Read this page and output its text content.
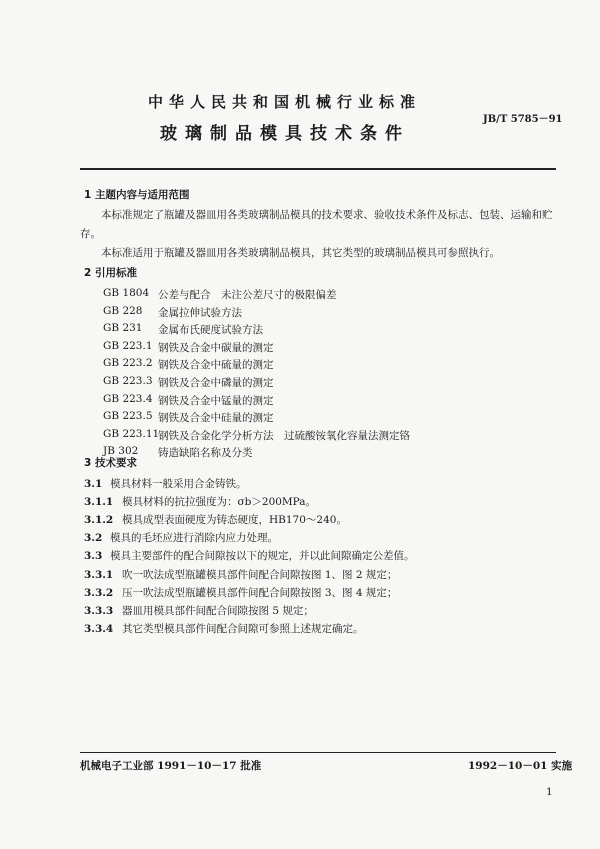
中华人民共和国机械行业标准
玻璃制品模具技术条件
JB/T 5785－91
1 主题内容与适用范围
本标准规定了瓶罐及器皿用各类玻璃制品模具的技术要求、验收技术条件及标志、包装、运输和贮
存。
本标准适用于瓶罐及器皿用各类玻璃制品模具，其它类型的玻璃制品模具可参照执行。
2 引用标准
GB 1804 公差与配合　未注公差尺寸的极限偏差
GB 228 金属拉伸试验方法
GB 231 金属布氏硬度试验方法
GB 223.1 钢铁及合金中碳量的测定
GB 223.2 钢铁及合金中硫量的测定
GB 223.3 钢铁及合金中磷量的测定
GB 223.4 钢铁及合金中锰量的测定
GB 223.5 钢铁及合金中硅量的测定
GB 223.11
钢铁及合金化学分析方法　过硫酸铵氧化容量法测定铬
JB 302 铸造缺陷名称及分类
3 技术要求
3.1 模具材料一般采用合金铸铁。
3.1.1 模具材料的抗拉强度为：σb＞200MPa。
3.1.2 模具成型表面硬度为铸态硬度，HB170～240。
3.2 模具的毛坯应进行消除内应力处理。
3.3 模具主要部件的配合间隙按以下的规定，并以此间隙确定公差值。
3.3.1 吹一吹法成型瓶罐模具部件间配合间隙按图 1、图 2 规定；
3.3.2 压一吹法成型瓶罐模具部件间配合间隙按图 3、图 4 规定；
3.3.3 器皿用模具部件间配合间隙按图 5 规定；
3.3.4 其它类型模具部件间配合间隙可参照上述规定确定。
机械电子工业部 1991－10－17 批准	1992－10－01 实施
1
